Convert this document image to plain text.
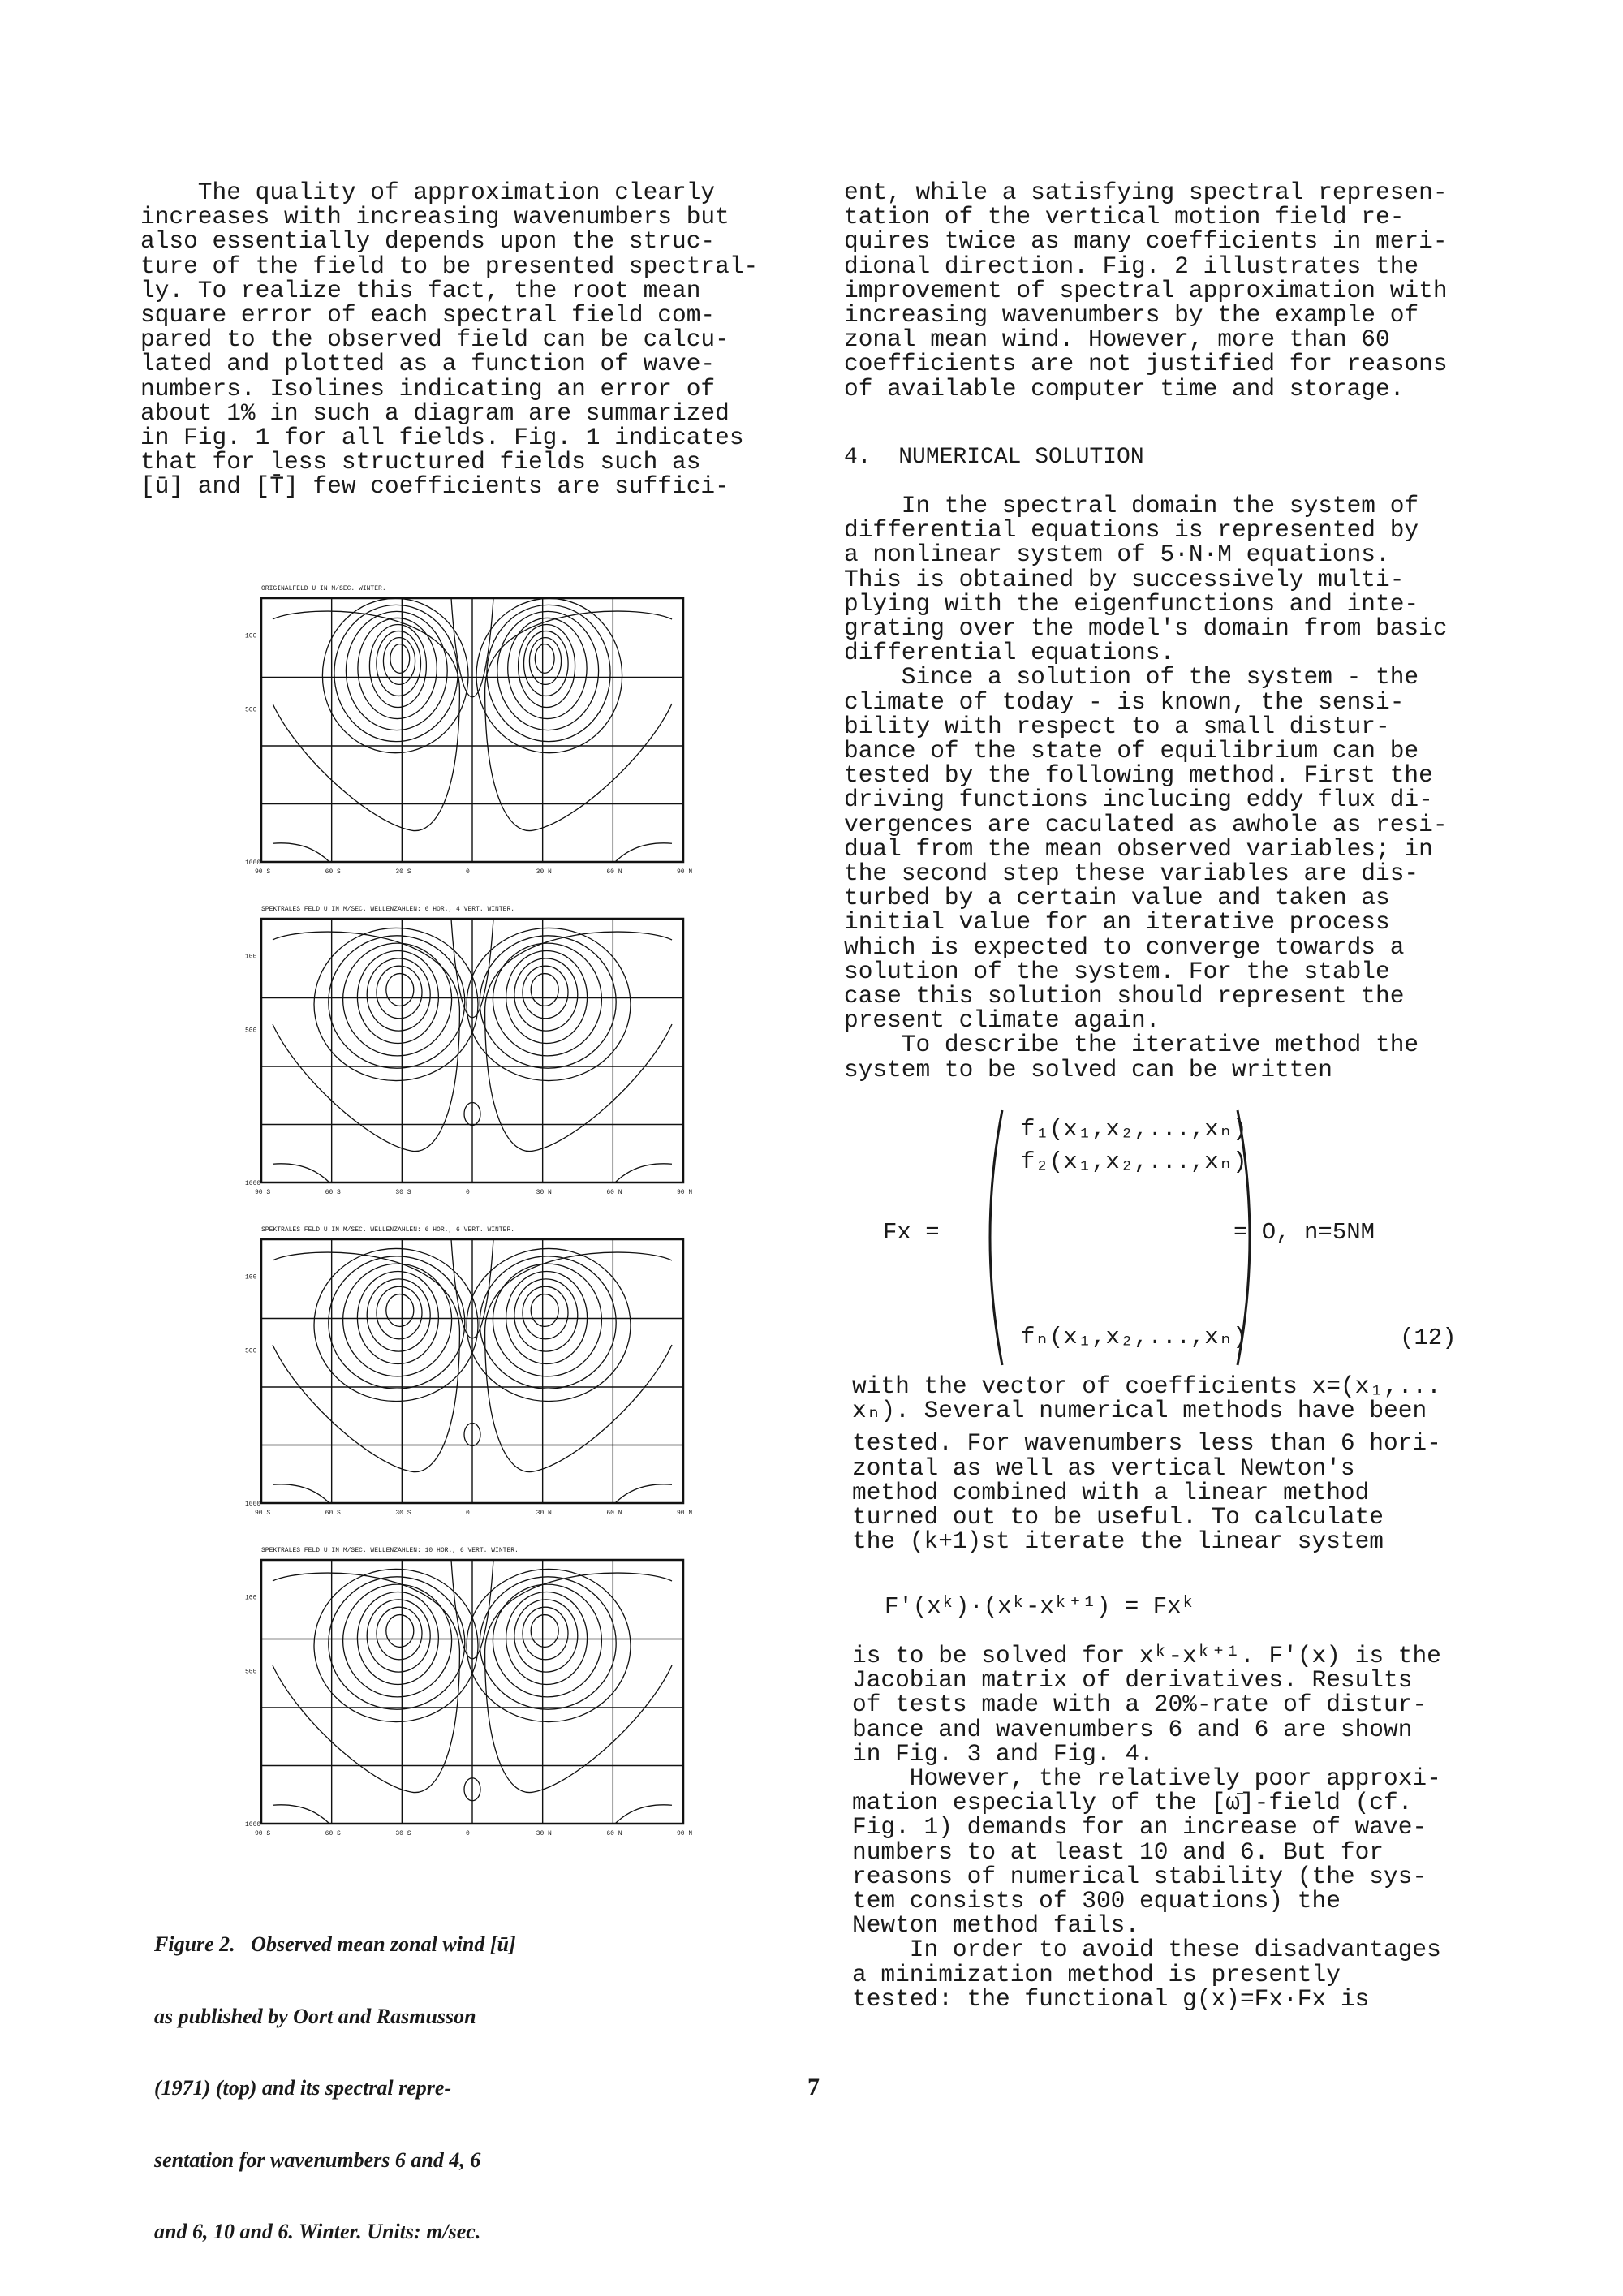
The quality of approximation clearly

increases with increasing wavenumbers but

also essentially depends upon the struc-

ture of the field to be presented spectral-

ly. To realize this fact, the root mean

square error of each spectral field com-

pared to the observed field can be calcu-

lated and plotted as a function of wave-

numbers. Isolines indicating an error of

about 1% in such a diagram are summarized

in Fig. 1 for all fields. Fig. 1 indicates

that for less structured fields such as

[ū] and [T̄] few coefficients are suffici-

ORIGINALFELD U IN M/SEC. WINTER.
100
500
1000
90 S	60 S	30 S	0	30 N	60 N	90 N
SPEKTRALES FELD U IN M/SEC. WELLENZAHLEN: 6 HOR., 4 VERT. WINTER.
100
500
1000
90 S	60 S	30 S	0	30 N	60 N	90 N
SPEKTRALES FELD U IN M/SEC. WELLENZAHLEN: 6 HOR., 6 VERT. WINTER.
100
500
1000
90 S	60 S	30 S	0	30 N	60 N	90 N
SPEKTRALES FELD U IN M/SEC. WELLENZAHLEN: 10 HOR., 6 VERT. WINTER.
100
500
1000
90 S	60 S	30 S	0	30 N	60 N	90 N

Figure 2.   Observed mean zonal wind [ū]

as published by Oort and Rasmusson

(1971) (top) and its spectral repre-

sentation for wavenumbers 6 and 4, 6

and 6, 10 and 6. Winter. Units: m/sec.

ent, while a satisfying spectral represen-

tation of the vertical motion field re-

quires twice as many coefficients in meri-

dional direction. Fig. 2 illustrates the

improvement of spectral approximation with

increasing wavenumbers by the example of

zonal mean wind. However, more than 60

coefficients are not justified for reasons

of available computer time and storage.

4.  NUMERICAL SOLUTION

In the spectral domain the system of

differential equations is represented by

a nonlinear system of 5·N·M equations.

This is obtained by successively multi-

plying with the eigenfunctions and inte-

grating over the model's domain from basic

differential equations.

Since a solution of the system - the

climate of today - is known, the sensi-

bility with respect to a small distur-

bance of the state of equilibrium can be

tested by the following method. First the

driving functions inclucing eddy flux di-

vergences are caculated as awhole as resi-

dual from the mean observed variables; in

the second step these variables are dis-

turbed by a certain value and taken as

initial value for an iterative process

which is expected to converge towards a

solution of the system. For the stable

case this solution should represent the

present climate again.

To describe the iterative method the

system to be solved can be written

Fx =
f₁(x₁,x₂,...,xₙ)
f₂(x₁,x₂,...,xₙ)
fₙ(x₁,x₂,...,xₙ)
= O, n=5NM
(12)

with the vector of coefficients x=(x₁,...

xₙ). Several numerical methods have been

tested. For wavenumbers less than 6 hori-

zontal as well as vertical Newton's

method combined with a linear method

turned out to be useful. To calculate

the (k+1)st iterate the linear system

F'(xᵏ)·(xᵏ-xᵏ⁺¹) = Fxᵏ

is to be solved for xᵏ-xᵏ⁺¹. F'(x) is the

Jacobian matrix of derivatives. Results

of tests made with a 20%-rate of distur-

bance and wavenumbers 6 and 6 are shown

in Fig. 3 and Fig. 4.

However, the relatively poor approxi-

mation especially of the [ω̄]-field (cf.

Fig. 1) demands for an increase of wave-

numbers to at least 10 and 6. But for

reasons of numerical stability (the sys-

tem consists of 300 equations) the

Newton method fails.

In order to avoid these disadvantages

a minimization method is presently

tested: the functional g(x)=Fx·Fx is

7
